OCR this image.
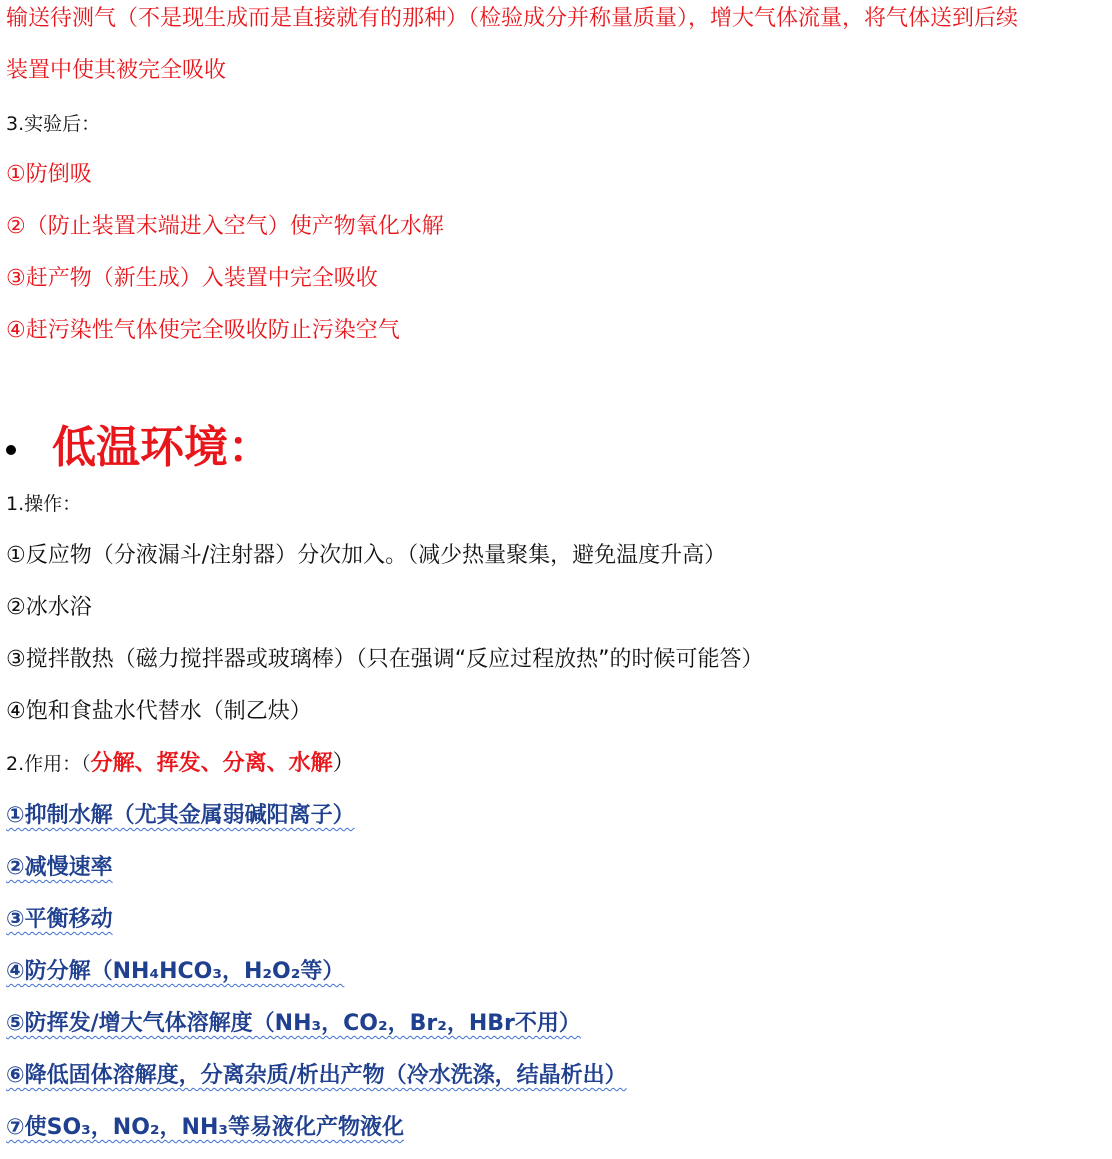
输送待测气（不是现生成而是直接就有的那种）（检验成分并称量质量），增大气体流量，将气体送到后续
装置中使其被完全吸收
3.实验后：
①防倒吸
②（防止装置末端进入空气）使产物氧化水解
③赶产物（新生成）入装置中完全吸收
④赶污染性气体使完全吸收防止污染空气
低温环境：
1.操作：
①反应物（分液漏斗/注射器）分次加入。（减少热量聚集，避免温度升高）
②冰水浴
③搅拌散热（磁力搅拌器或玻璃棒）（只在强调“反应过程放热”的时候可能答）
④饱和食盐水代替水（制乙炔）
2.作用：（分解、挥发、分离、水解）
①抑制水解（尤其金属弱碱阳离子）
②减慢速率
③平衡移动
④防分解（NH₄HCO₃，H₂O₂等）
⑤防挥发/增大气体溶解度（NH₃，CO₂，Br₂，HBr不用）
⑥降低固体溶解度，分离杂质/析出产物（冷水洗涤，结晶析出）
⑦使SO₃，NO₂，NH₃等易液化产物液化
